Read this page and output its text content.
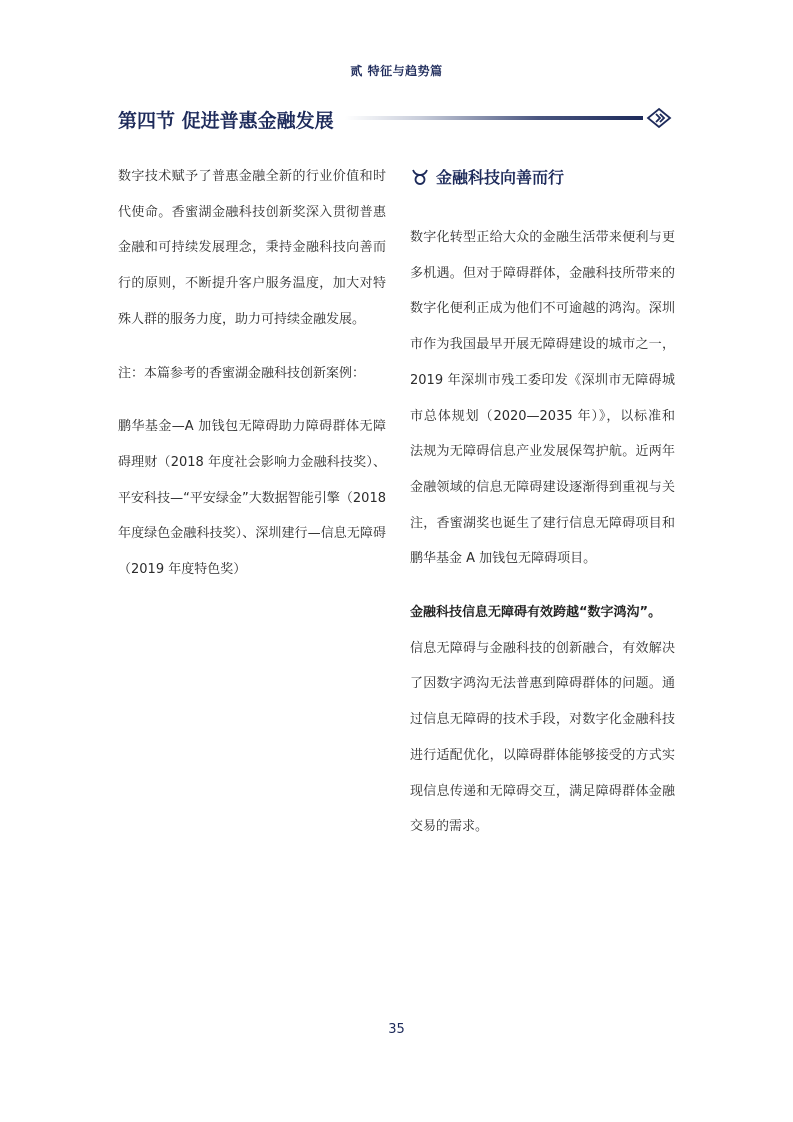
贰 特征与趋势篇
第四节 促进普惠金融发展

数字技术赋予了普惠金融全新的行业价值和时代使命。香蜜湖金融科技创新奖深入贯彻普惠金融和可持续发展理念，秉持金融科技向善而行的原则，不断提升客户服务温度，加大对特殊人群的服务力度，助力可持续金融发展。

注：本篇参考的香蜜湖金融科技创新案例：

鹏华基金—A 加钱包无障碍助力障碍群体无障碍理财（2018 年度社会影响力金融科技奖）、平安科技—“平安绿金”大数据智能引擎（2018 年度绿色金融科技奖）、深圳建行—信息无障碍（2019 年度特色奖）

金融科技向善而行

数字化转型正给大众的金融生活带来便利与更多机遇。但对于障碍群体，金融科技所带来的数字化便利正成为他们不可逾越的鸿沟。深圳市作为我国最早开展无障碍建设的城市之一，2019 年深圳市残工委印发《深圳市无障碍城市总体规划（2020—2035 年）》，以标准和法规为无障碍信息产业发展保驾护航。近两年金融领域的信息无障碍建设逐渐得到重视与关注，香蜜湖奖也诞生了建行信息无障碍项目和鹏华基金 A 加钱包无障碍项目。

金融科技信息无障碍有效跨越“数字鸿沟”。

信息无障碍与金融科技的创新融合，有效解决了因数字鸿沟无法普惠到障碍群体的问题。通过信息无障碍的技术手段，对数字化金融科技进行适配优化，以障碍群体能够接受的方式实现信息传递和无障碍交互，满足障碍群体金融交易的需求。

35
